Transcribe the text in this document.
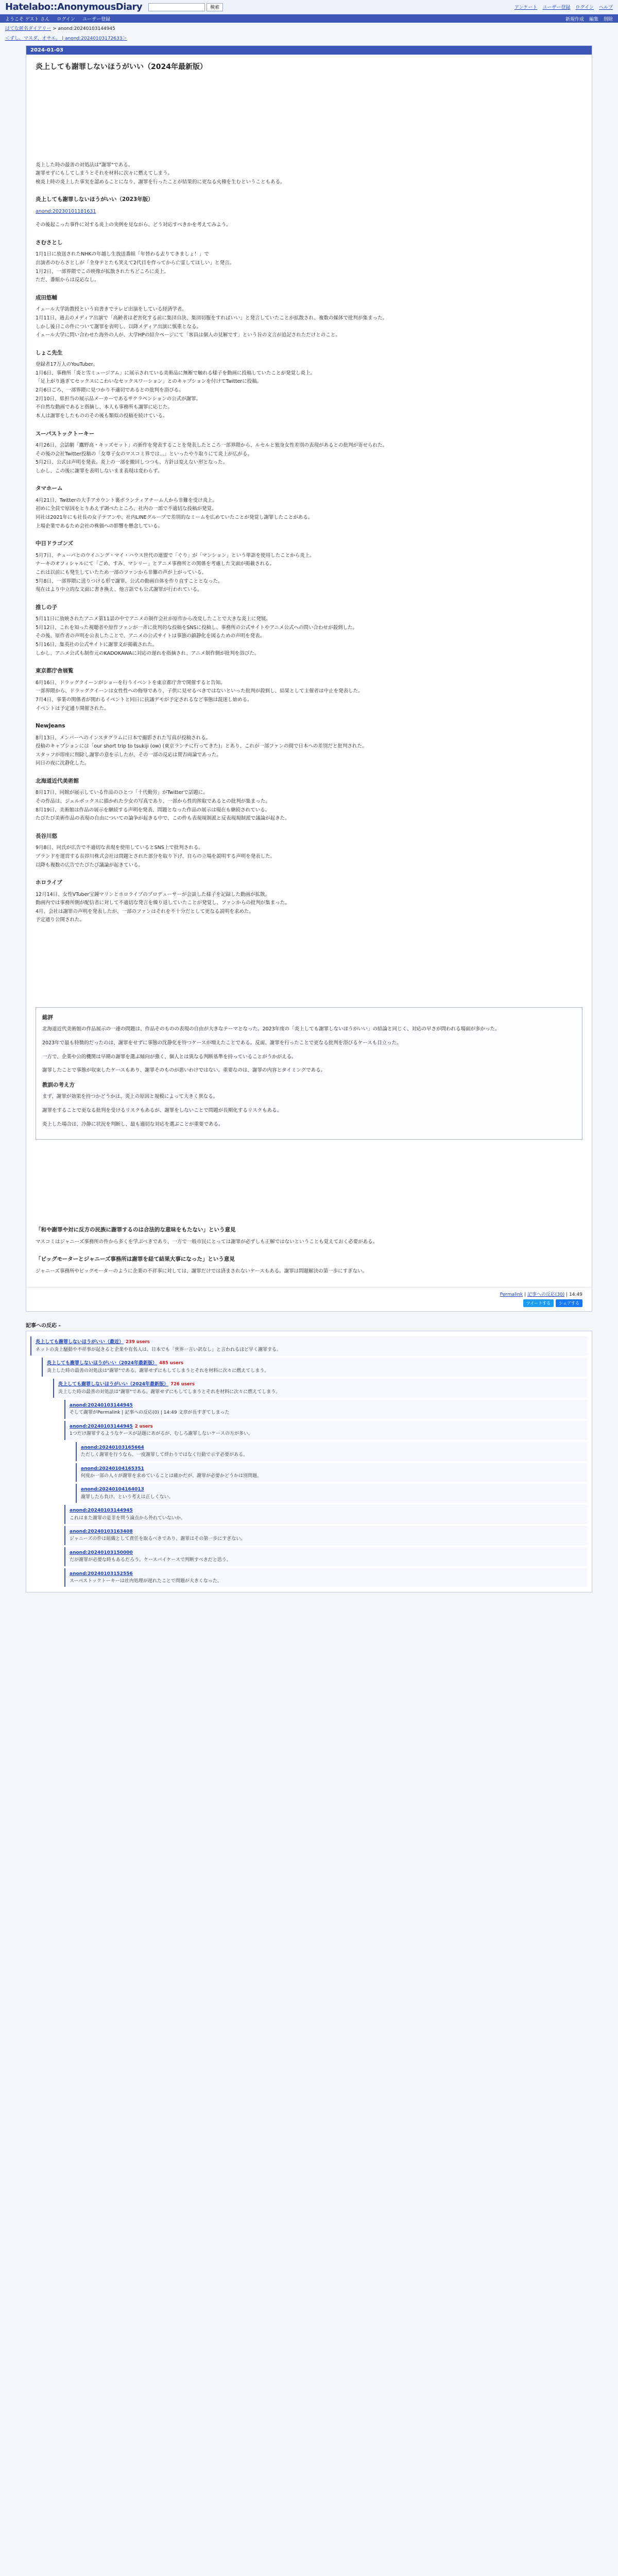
Hatelabo::AnonymousDiary	検索	アンケート ユーザー登録 ログイン ヘルプ
ようこそ ゲスト さん ログイン ユーザー登録	新規作成 編集 削除
はてな匿名ダイアリー > anond:20240103144945
＜ずし、マスダ、オサエ。 | anond:20240103172633＞
2024-01-03
炎上しても謝罪しないほうがいい（2024年最新版）
炎上した時の最善の対処法は"謝罪"である。
謝罪せずにもしてしまうとそれを材料に次々に燃えてしまう。
検炎上時の炎上した事実を認めることになり、謝罪を行ったことが結果的に更なる火種を生むということもある。
炎上しても謝罪しないほうがいい（2023年版）
anond:20230101181631
その後起こった事件に対する炎上の実例を見ながら、どう対応すべきかを考えてみよう。
さむさとし
1月1日に放送されたNHKの年越し生放送番組「年替わる去りてきましょ！」で
出演者のむらさとしが「全身テとたも笑えて2代目を作ってから亡霊してほしい」と発言。
1月2日、一部界隈でこの映像が拡散されたちどころに炎上。
ただ、番組からは反応なし。
成田悠輔
イェール大学助教授という肩書きでテレビ出演をしている経済学者。
1月11日、過去のメディア出演で「高齢者は老害化する前に集団自決、集団切腹をすればいい」と発言していたことが拡散され、複数の媒体で批判が集まった。
しかし後日この件について謝罪を表明し、以降メディア出演に慎重となる。
イェール大学に問い合わせた海外の人が、大学HPの紹介ページにて「客員は個人の見解です」という旨の文言が追記されただけとのこと。
しょこ先生
登録者17万人のYouTuber。
1月6日、事務所「炎と雪ミュージアム」に展示されている美術品に無断で触れる様子を動画に投稿していたことが発覚し炎上。
「足上がり過ぎてセックスにこわいなセックスワーション」とのキャプションを付けてTwitterに投稿。
2月6日ごろ、一部界隈に見つかり不適切であるとの批判を浴びる。
2月10日、県担当の展示品メーカーであるサクラペンションの公式が謝罪。
不自然な動画であると指摘し、本人も事務所も謝罪に応じた。
本人は謝罪をしたもののその後も類似の投稿を続けている。
スーパストックトーキー
4月26日、会話劇「鷹野高・キッズセット」の新作を発表することを発表したところ一部界隈から、ルセルと独身女性差別の表現があるとの批判が寄せられた。
その後の会社Twitter投稿の「女尊子女のマスコミ界では...」といったやり取りにて炎上が広がる。
5月2日、公式は声明を発表。炎上の一部を撤回しつつも、方針は変えない形となった。
しかし、この後に謝罪を表明しないまま表現は変わらず。
タマホーム
4月21日、Twitterの大手アカウント裏ボランティアチーム人から非難を受け炎上。
初めに全員で原因をとりあえず調べたところ、社内の一部で不適切な投稿が発覚。
同社は2021年にも社長の女子テアンや、社内LINEグループで差別的なミームを広めていたことが発覚し謝罪したことがある。
上場企業であるため会社の株価への影響を懸念している。
中日ドラゴンズ
5月7日、チューバとのウイニング・マイ・ハウス世代の連盟で「ぐり」が「マンション」という単語を使用したことから炎上。
ナーキのオフィシャルにて「ごめ、すみ、マシリー」とアニメ事務所との関係を考慮した文面が掲載される。
これは以前にも発生していたため一部のファンから非難の声が上がっている。
5月8日、一部界隈に送りつける形で謝罪、公式の動画自体を作り直すこととなった。
現在はより中立的な文面に書き換え、他言語でも公式謝罪が行われている。
推しの子
5月11日に放映されたアニメ第11話の中でアニメの制作会社が原作から改変したことで大きな炎上に発展。
5月12日、これを知った視聴者や原作ファンが一斉に批判的な投稿をSNSに投稿し、事務所の公式サイトやアニメ公式への問い合わせが殺到した。
その後、原作者の声明を公表したことで、アニメの公式サイトは事態の鎮静化を図るための声明を発表。
5月16日、集英社の公式サイトに謝罪文が掲載された。
しかし、アニメ公式も制作元のKADOKAWAに対応の遅れを指摘され、アニメ制作側が批判を浴びた。
東京都庁舎展覧
6月16日、ドラッグクイーンがショーを行うイベントを東京都庁舎で開催すると告知。
一部界隈から、ドラッグクイーンは女性性への侮辱であり、子供に見せるべきではないといった批判が殺到し、結果として主催者は中止を発表した。
7月4日、事業の関係者が関わるイベントと同日に抗議デモが予定されるなど事態は混迷し始める。
イベントは予定通り開催された。
NewJeans
8月13日、メンバーへのインスタグラムに日本で撮影された写真が投稿される。
投稿のキャプションには「our short trip to tsukiji (ow) (東京ランチに行ってきた)」とあり、これが一部ファンの間で日本への差別だと批判された。
スタッフが即座に削除し謝罪の意を示したが、その一部の反応は賛否両論であった。
同日の夜に沈静化した。
北海道近代美術館
8月17日、同館が展示している作品のひとつ「十代勤労」がTwitterで話題に。
その作品は、ジェルボックスに描かれた少女の写真であり、一部から性的搾取であるとの批判が集まった。
8月19日、美術館は作品の展示を継続する声明を発表、問題となった作品の展示は現在も継続されている。
たびたび美術作品の表現の自由についての論争が起きる中で、この件も表現規制派と反表現規制派で議論が起きた。
長谷川悠
9月8日、同氏が広告で不適切な表現を使用しているとSNS上で批判される。
ブランドを運営する長谷川株式会社は問題とされた部分を取り下げ、自らの立場を説明する声明を発表した。
以降も複数の広告でたびたび議論が起きている。
ホロライブ
12月14日、女性VTuber宝鐘マリンとホロライブのプロデューサーが会談した様子を記録した動画が拡散。
動画内では事務所側が配信者に対して不適切な発言を繰り返していたことが発覚し、ファンからの批判が集まった。
4月、会社は謝罪の声明を発表したが、一部のファンはそれを不十分だとして更なる説明を求めた。
予定通り公開された。
総評
北海道近代美術館の作品展示の一連の問題は、作品そのものの表現の自由が大きなテーマとなった。2023年度の「炎上しても謝罪しないほうがいい」の結論と同じく、対応の早さが問われる場面が多かった。
2023年で最も特徴的だったのは、謝罪をせずに事態の沈静化を待つケースが増えたことである。反面、謝罪を行ったことで更なる批判を浴びるケースも目立った。
一方で、企業や公的機関は早期の謝罪を選ぶ傾向が強く、個人とは異なる判断基準を持っていることがうかがえる。
謝罪したことで事態が収束したケースもあり、謝罪そのものが悪いわけではない。重要なのは、謝罪の内容とタイミングである。
教訓の考え方
まず、謝罪が効果を持つかどうかは、炎上の原因と規模によって大きく異なる。
謝罪をすることで更なる批判を受けるリスクもあるが、謝罪をしないことで問題が長期化するリスクもある。
炎上した場合は、冷静に状況を判断し、最も適切な対応を選ぶことが重要である。
「和や謝罪や対に反方の民族に謝罪するのは合法的な意味をもたない」という意見
マスコミはジャニーズ事務所の件から多くを学ぶべきであり、一方で一般市民にとっては謝罪が必ずしも正解ではないということも覚えておく必要がある。
「ビッグモーターとジャニーズ事務所は謝罪を経て結果大事になった」という意見
ジャニーズ事務所やビッグモーターのように企業の不祥事に対しては、謝罪だけでは済まされないケースもある。謝罪は問題解決の第一歩にすぎない。
Permalink | 記事への反応(30) | 14:49
ツイートする	シェアする
記事への反応 -
炎上しても謝罪しないほうがいい（最近） 239 users
ネットの炎上騒動や不祥事が起きると企業や有名人は、日本でも「世界一言い訳なし」と言われるほど早く謝罪する。
炎上しても謝罪しないほうがいい（2024年最新版） 485 users
炎上した時の最善の対処法は"謝罪"である。謝罪せずにもしてしまうとそれを材料に次々に燃えてしまう。
炎上しても謝罪しないほうがいい（2024年最新版） 726 users
炎上した時の最善の対処法は"謝罪"である。謝罪せずにもしてしまうとそれを材料に次々に燃えてしまう。
anond:20240103144945
そして謝罪がPermalink | 記事への反応(0) | 14:49 文章が長すぎてしまった
anond:20240103144945 2 users
1つだけ謝罪するようなケースが話題にあがるが、むしろ謝罪しないケースの方が多い。
anond:20240103165664
ただしく謝罪を行うなら、一度謝罪して終わりではなく行動で示す必要がある。
anond:20240104165351
何度か一部の人々が謝罪を求めていることは確かだが、謝罪が必要かどうかは別問題。
anond:20240104164013
謝罪したら負け、という考えは正しくない。
anond:20240103144945
これはまた謝罪の是非を問う論点から外れていないか。
anond:20240103163408
ジャニーズの件は組織として責任を取るべきであり、謝罪はその第一歩にすぎない。
anond:20240103150000
だが謝罪が必要な時もあるだろう。ケースバイケースで判断すべきだと思う。
anond:20240103152556
スーパストックトーキーは社内処理が遅れたことで問題が大きくなった。
